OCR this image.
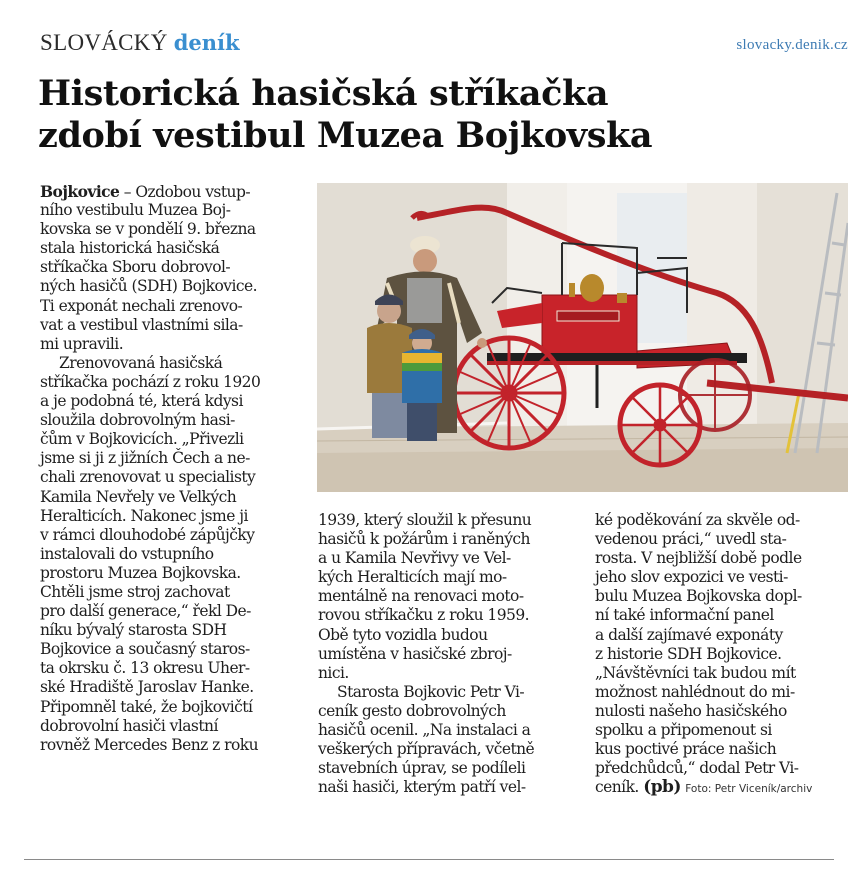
SLOVÁCKÝ deník	slovacky.denik.cz
Historická hasičská stříkačka
zdobí vestibul Muzea Bojkovska
Bojkovice – Ozdobou vstup-
ního vestibulu Muzea Boj-
kovska se v pondělí 9. března
stala historická hasičská
stříkačka Sboru dobrovol-
ných hasičů (SDH) Bojkovice.
Ti exponát nechali zrenovo-
vat a vestibul vlastními sila-
mi upravili.
Zrenovovaná hasičská
stříkačka pochází z roku 1920
a je podobná té, která kdysi
sloužila dobrovolným hasi-
čům v Bojkovicích. „Přivezli
jsme si ji z jižních Čech a ne-
chali zrenovovat u specialisty
Kamila Nevřely ve Velkých
Heralticích. Nakonec jsme ji
v rámci dlouhodobé zápůjčky
instalovali do vstupního
prostoru Muzea Bojkovska.
Chtěli jsme stroj zachovat
pro další generace,“ řekl De-
níku bývalý starosta SDH
Bojkovice a současný staros-
ta okrsku č. 13 okresu Uher-
ské Hradiště Jaroslav Hanke.
Připomněl také, že bojkovičtí
dobrovolní hasiči vlastní
rovněž Mercedes Benz z roku
1939, který sloužil k přesunu
hasičů k požárům i raněných
a u Kamila Nevřivy ve Vel-
kých Heralticích mají mo-
mentálně na renovaci moto-
rovou stříkačku z roku 1959.
Obě tyto vozidla budou
umístěna v hasičské zbroj-
nici.
Starosta Bojkovic Petr Vi-
ceník gesto dobrovolných
hasičů ocenil. „Na instalaci a
veškerých přípravách, včetně
stavebních úprav, se podíleli
naši hasiči, kterým patří vel-
ké poděkování za skvěle od-
vedenou práci,“ uvedl sta-
rosta. V nejbližší době podle
jeho slov expozici ve vesti-
bulu Muzea Bojkovska dopl-
ní také informační panel
a další zajímavé exponáty
z historie SDH Bojkovice.
„Návštěvníci tak budou mít
možnost nahlédnout do mi-
nulosti našeho hasičského
spolku a připomenout si
kus poctivé práce našich
předchůdců,“ dodal Petr Vi-
ceník. (pb) Foto: Petr Viceník/archiv
